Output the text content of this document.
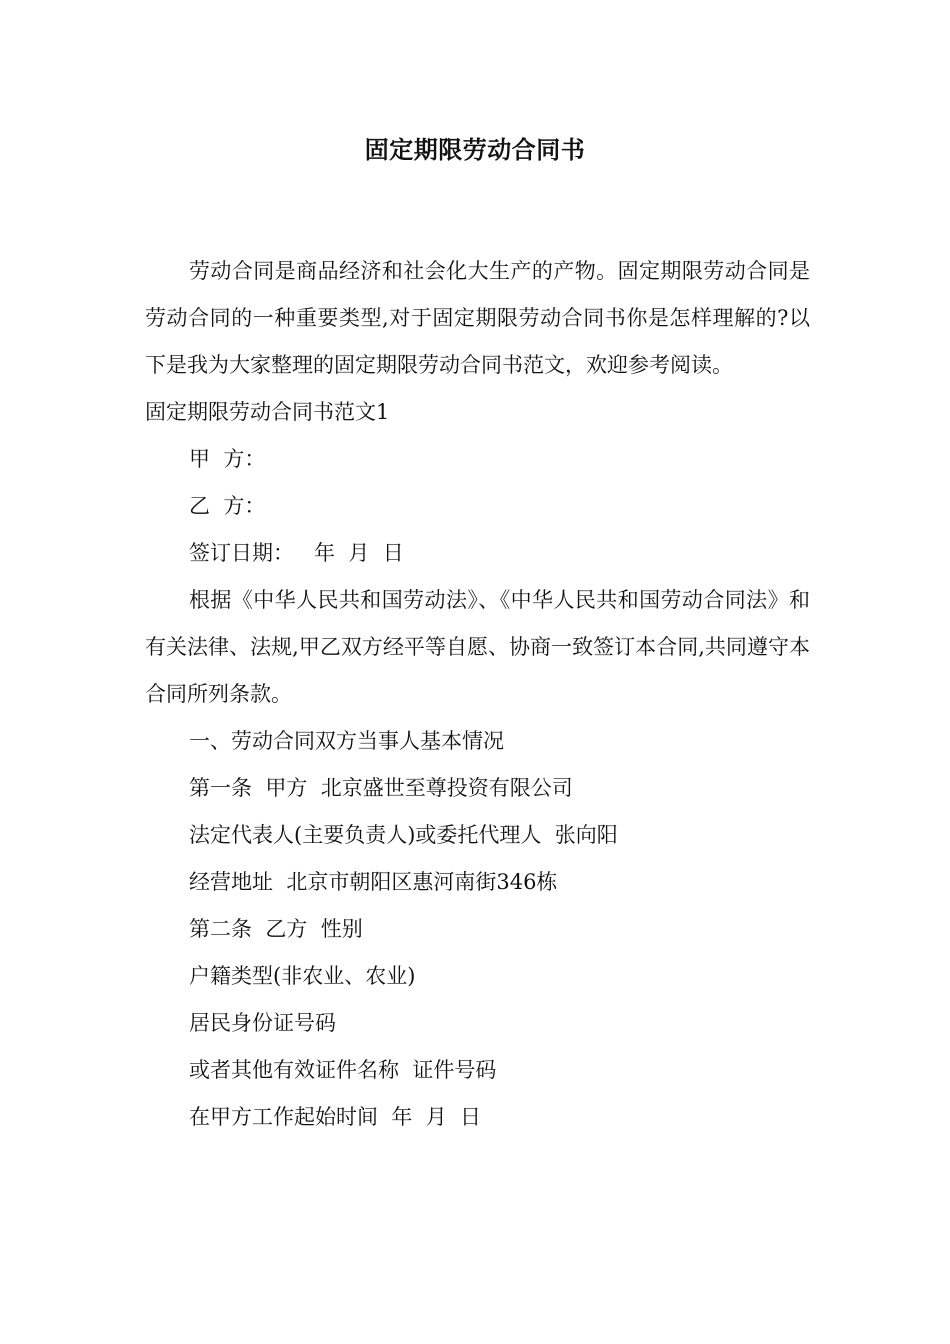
固定期限劳动合同书

劳动合同是商品经济和社会化大生产的产物。固定期限劳动合同是劳动合同的一种重要类型,对于固定期限劳动合同书你是怎样理解的?以下是我为大家整理的固定期限劳动合同书范文，欢迎参考阅读。

固定期限劳动合同书范文1

甲  方：

乙  方：

签订日期：   年  月  日

根据《中华人民共和国劳动法》、《中华人民共和国劳动合同法》和有关法律、法规,甲乙双方经平等自愿、协商一致签订本合同,共同遵守本合同所列条款。

一、劳动合同双方当事人基本情况

第一条  甲方  北京盛世至尊投资有限公司

法定代表人(主要负责人)或委托代理人  张向阳

经营地址  北京市朝阳区惠河南街346栋

第二条  乙方  性别

户籍类型(非农业、农业)

居民身份证号码

或者其他有效证件名称  证件号码

在甲方工作起始时间  年  月  日
